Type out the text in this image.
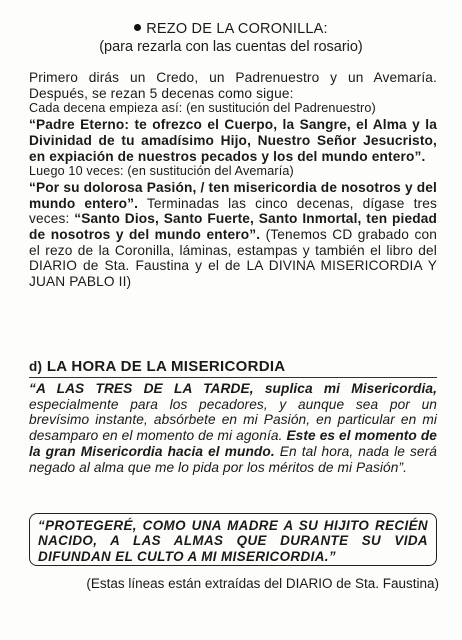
REZO DE LA CORONILLA:
(para rezarla con las cuentas del rosario)

Primero dirás un Credo, un Padrenuestro y un Avemaría. Después, se rezan 5 decenas como sigue:

Cada decena empieza así: (en sustitución del Padrenuestro)

“Padre Eterno: te ofrezco el Cuerpo, la Sangre, el Alma y la Divinidad de tu amadísimo Hijo, Nuestro Señor Jesucristo, en expiación de nuestros pecados y los del mundo entero”.

Luego 10 veces: (en sustitución del Avemaría)

“Por su dolorosa Pasión, / ten misericordia de nosotros y del mundo entero”. Terminadas las cinco decenas, dígase tres veces: “Santo Dios, Santo Fuerte, Santo Inmortal, ten piedad de nosotros y del mundo entero”. (Tenemos CD grabado con el rezo de la Coronilla, láminas, estampas y también el libro del DIARIO de Sta. Faustina y el de LA DIVINA MISERICORDIA Y JUAN PABLO II)

d) LA HORA DE LA MISERICORDIA

“A LAS TRES DE LA TARDE, suplica mi Misericordia, especialmente para los pecadores, y aunque sea por un brevísimo instante, absórbete en mi Pasión, en particular en mi desamparo en el momento de mi agonía. Este es el momento de la gran Misericordia hacia el mundo. En tal hora, nada le será negado al alma que me lo pida por los méritos de mi Pasión”.

“PROTEGERÉ, COMO UNA MADRE A SU HIJITO RECIÉN NACIDO, A LAS ALMAS QUE DURANTE SU VIDA DIFUNDAN EL CULTO A MI MISERICORDIA.”
(Estas líneas están extraídas del DIARIO de Sta. Faustina)
